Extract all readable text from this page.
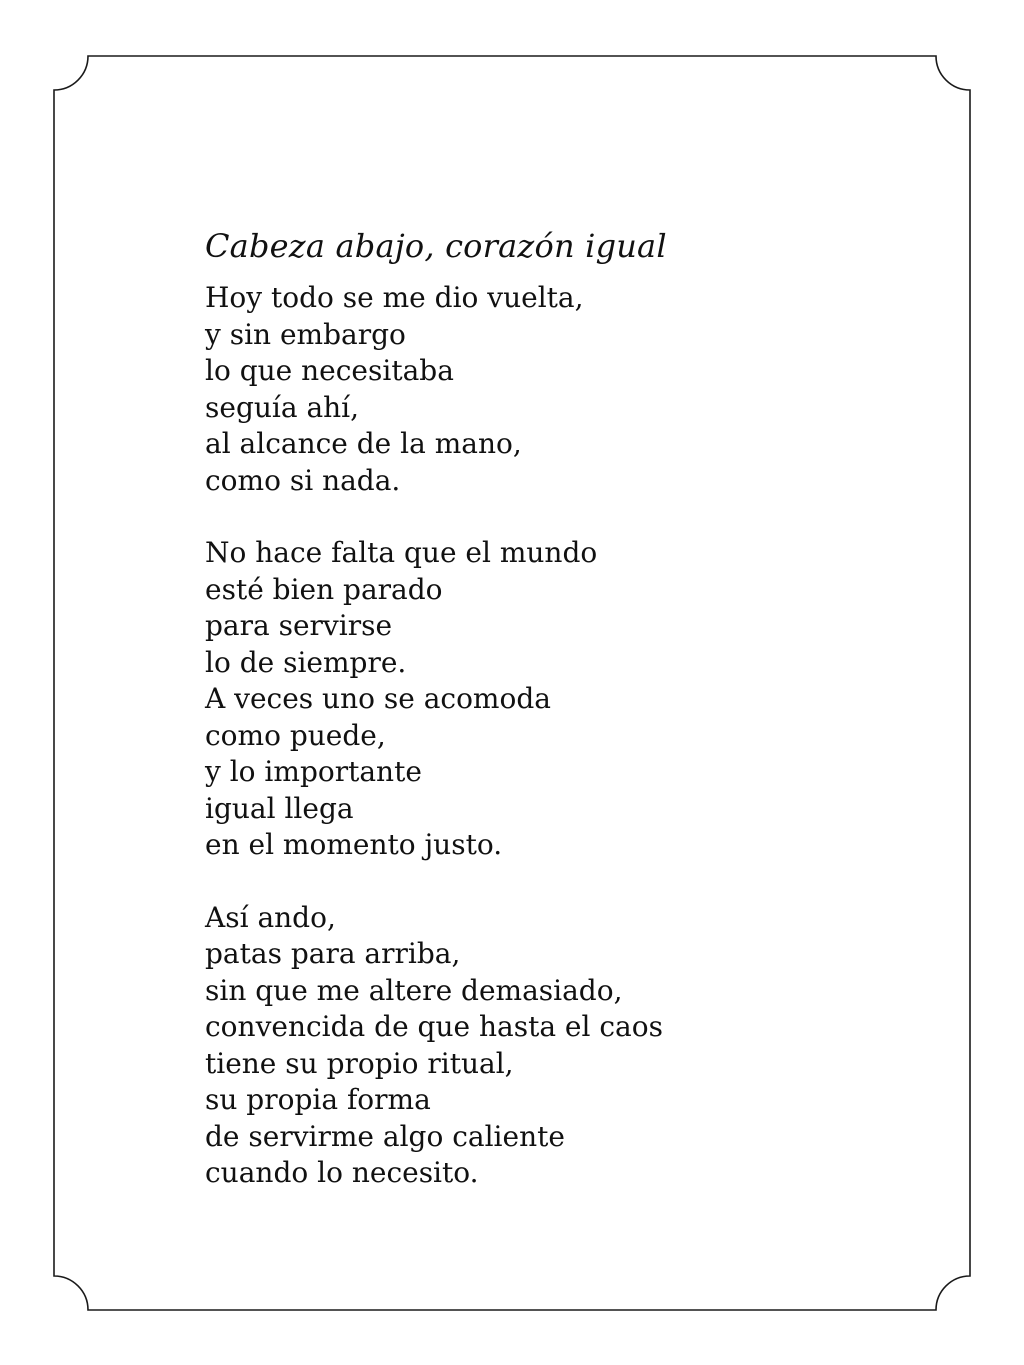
Cabeza abajo, corazón igual
Hoy todo se me dio vuelta,
y sin embargo
lo que necesitaba
seguía ahí,
al alcance de la mano,
como si nada.
No hace falta que el mundo
esté bien parado
para servirse
lo de siempre.
A veces uno se acomoda
como puede,
y lo importante
igual llega
en el momento justo.
Así ando,
patas para arriba,
sin que me altere demasiado,
convencida de que hasta el caos
tiene su propio ritual,
su propia forma
de servirme algo caliente
cuando lo necesito.
